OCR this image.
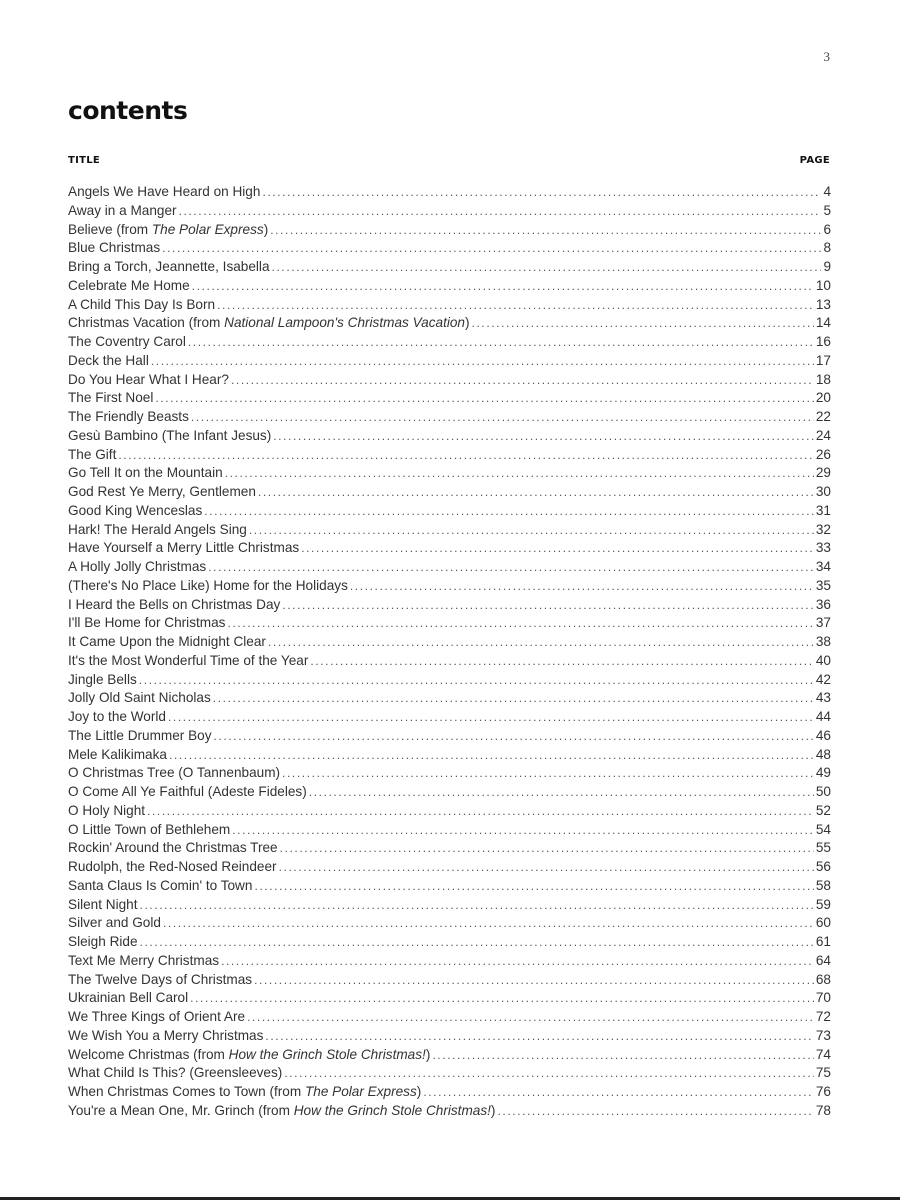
3
contents
TITLE	PAGE
Angels We Have Heard on High .....	4
Away in a Manger .....	5
Believe (from The Polar Express) .....	6
Blue Christmas .....	8
Bring a Torch, Jeannette, Isabella .....	9
Celebrate Me Home .....	10
A Child This Day Is Born .....	13
Christmas Vacation (from National Lampoon's Christmas Vacation) .....	14
The Coventry Carol .....	16
Deck the Hall .....	17
Do You Hear What I Hear? .....	18
The First Noel .....	20
The Friendly Beasts .....	22
Gesù Bambino (The Infant Jesus) .....	24
The Gift .....	26
Go Tell It on the Mountain .....	29
God Rest Ye Merry, Gentlemen .....	30
Good King Wenceslas .....	31
Hark! The Herald Angels Sing .....	32
Have Yourself a Merry Little Christmas .....	33
A Holly Jolly Christmas .....	34
(There's No Place Like) Home for the Holidays .....	35
I Heard the Bells on Christmas Day .....	36
I'll Be Home for Christmas .....	37
It Came Upon the Midnight Clear .....	38
It's the Most Wonderful Time of the Year .....	40
Jingle Bells .....	42
Jolly Old Saint Nicholas .....	43
Joy to the World .....	44
The Little Drummer Boy .....	46
Mele Kalikimaka .....	48
O Christmas Tree (O Tannenbaum) .....	49
O Come All Ye Faithful (Adeste Fideles) .....	50
O Holy Night .....	52
O Little Town of Bethlehem .....	54
Rockin' Around the Christmas Tree .....	55
Rudolph, the Red-Nosed Reindeer .....	56
Santa Claus Is Comin' to Town .....	58
Silent Night .....	59
Silver and Gold .....	60
Sleigh Ride .....	61
Text Me Merry Christmas .....	64
The Twelve Days of Christmas .....	68
Ukrainian Bell Carol .....	70
We Three Kings of Orient Are .....	72
We Wish You a Merry Christmas .....	73
Welcome Christmas (from How the Grinch Stole Christmas!) .....	74
What Child Is This? (Greensleeves) .....	75
When Christmas Comes to Town (from The Polar Express) .....	76
You're a Mean One, Mr. Grinch (from How the Grinch Stole Christmas!) .....	78
